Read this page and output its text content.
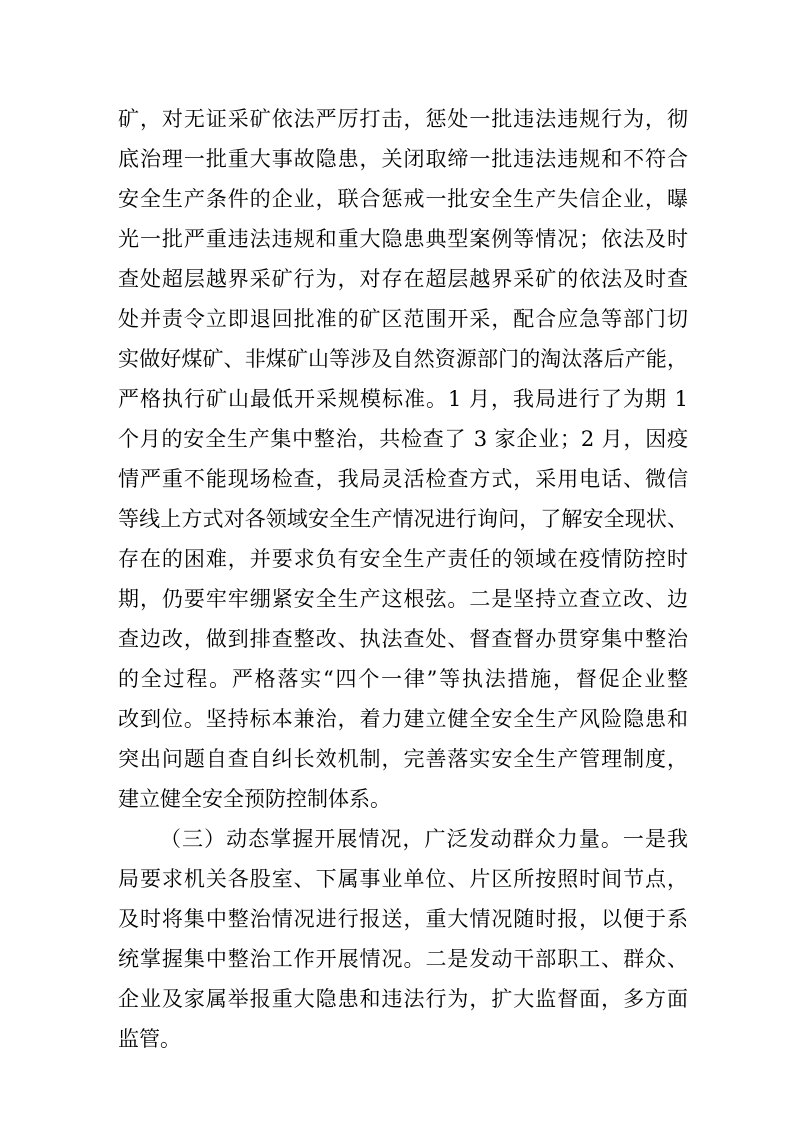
矿，对无证采矿依法严厉打击，惩处一批违法违规行为，彻
底治理一批重大事故隐患，关闭取缔一批违法违规和不符合
安全生产条件的企业，联合惩戒一批安全生产失信企业，曝
光一批严重违法违规和重大隐患典型案例等情况；依法及时
查处超层越界采矿行为，对存在超层越界采矿的依法及时查
处并责令立即退回批准的矿区范围开采，配合应急等部门切
实做好煤矿、非煤矿山等涉及自然资源部门的淘汰落后产能，
严格执行矿山最低开采规模标准。1 月，我局进行了为期 1
个月的安全生产集中整治，共检查了 3 家企业；2 月，因疫
情严重不能现场检查，我局灵活检查方式，采用电话、微信
等线上方式对各领域安全生产情况进行询问，了解安全现状、
存在的困难，并要求负有安全生产责任的领域在疫情防控时
期，仍要牢牢绷紧安全生产这根弦。二是坚持立查立改、边
查边改，做到排查整改、执法查处、督查督办贯穿集中整治
的全过程。严格落实“四个一律”等执法措施，督促企业整
改到位。坚持标本兼治，着力建立健全安全生产风险隐患和
突出问题自查自纠长效机制，完善落实安全生产管理制度，
建立健全安全预防控制体系。
（三）动态掌握开展情况，广泛发动群众力量。一是我
局要求机关各股室、下属事业单位、片区所按照时间节点，
及时将集中整治情况进行报送，重大情况随时报，以便于系
统掌握集中整治工作开展情况。二是发动干部职工、群众、
企业及家属举报重大隐患和违法行为，扩大监督面，多方面
监管。
